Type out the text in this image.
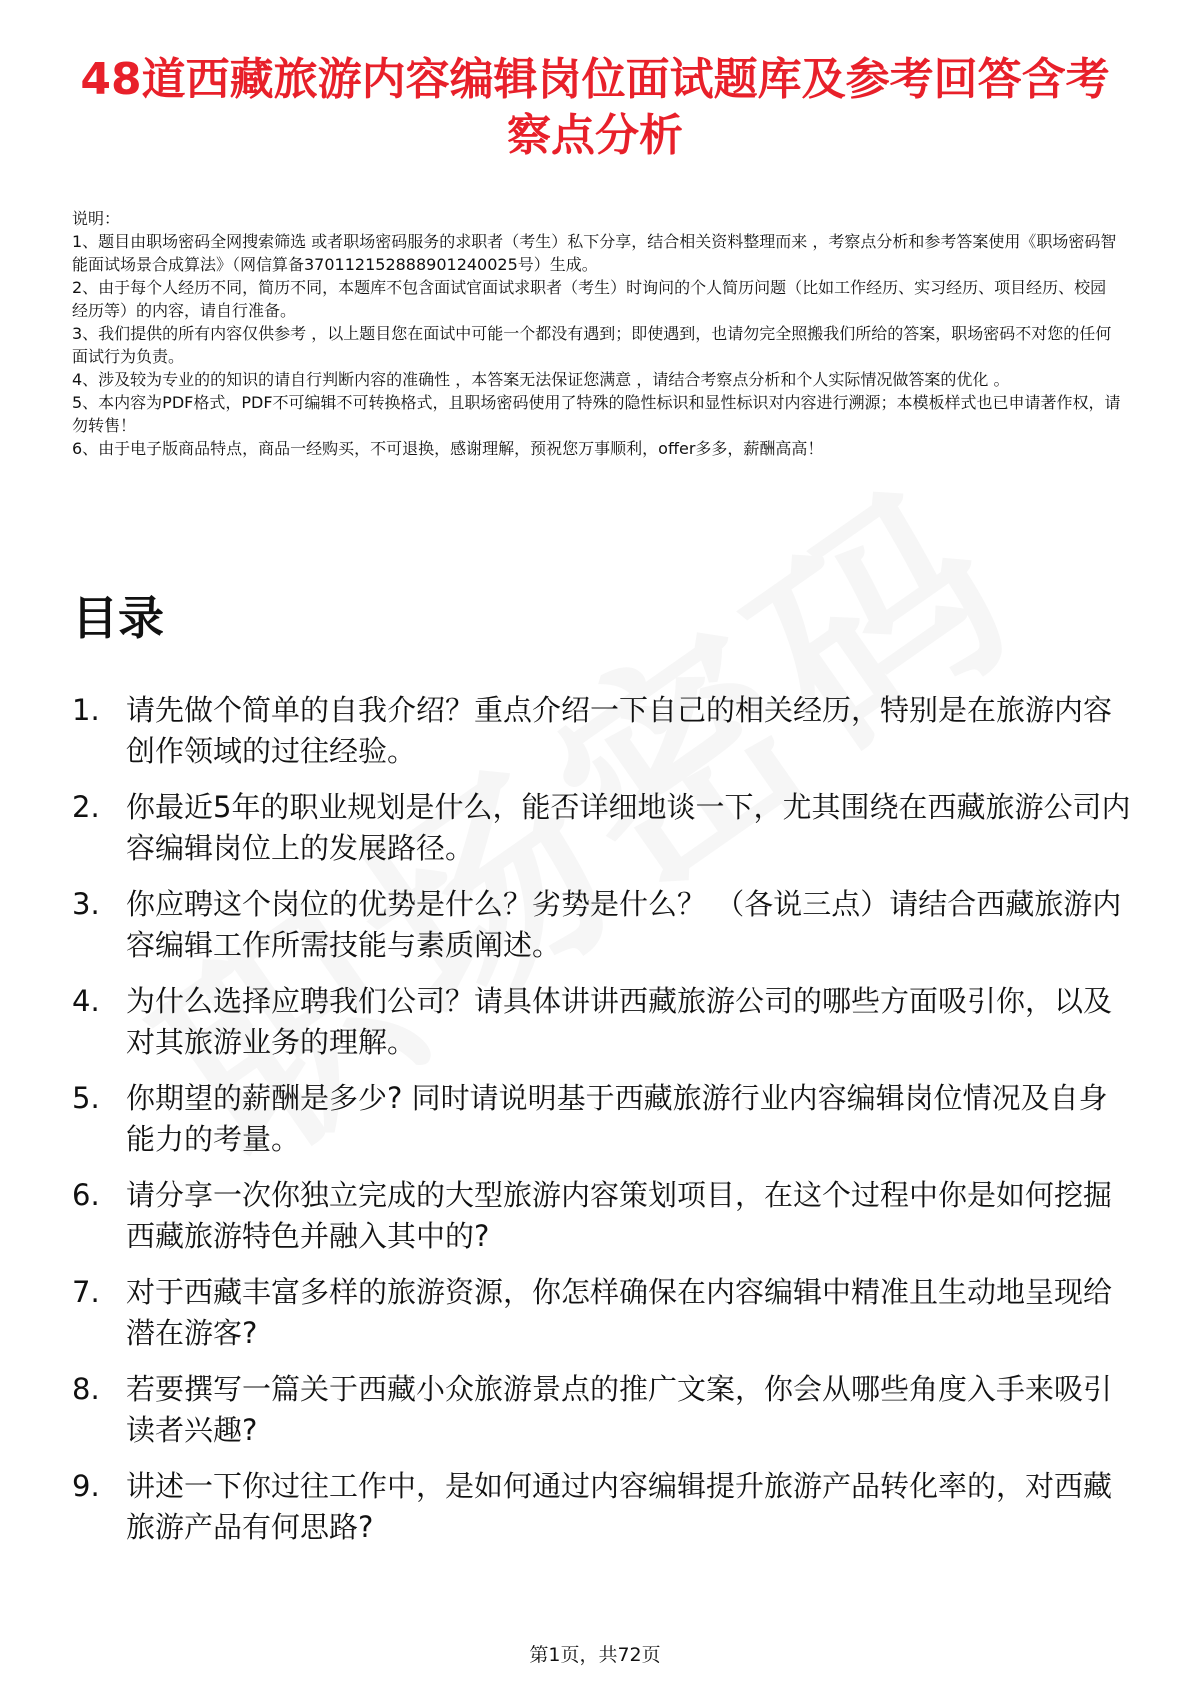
48道西藏旅游内容编辑岗位面试题库及参考回答含考察点分析

说明：

1、题目由职场密码全网搜索筛选 或者职场密码服务的求职者（考生）私下分享，结合相关资料整理而来 ，考察点分析和参考答案使用《职场密码智能面试场景合成算法》（网信算备370112152888901240025号）生成。

2、由于每个人经历不同，简历不同，本题库不包含面试官面试求职者（考生）时询问的个人简历问题（比如工作经历、实习经历、项目经历、校园经历等）的内容，请自行准备。

3、我们提供的所有内容仅供参考 ，以上题目您在面试中可能一个都没有遇到；即使遇到，也请勿完全照搬我们所给的答案，职场密码不对您的任何面试行为负责。

4、涉及较为专业的的知识的请自行判断内容的准确性 ，本答案无法保证您满意 ，请结合考察点分析和个人实际情况做答案的优化 。

5、本内容为PDF格式，PDF不可编辑不可转换格式，且职场密码使用了特殊的隐性标识和显性标识对内容进行溯源；本模板样式也已申请著作权，请勿转售！

6、由于电子版商品特点，商品一经购买，不可退换，感谢理解，预祝您万事顺利，offer多多，薪酬高高！

目录
1. 请先做个简单的自我介绍？重点介绍一下自己的相关经历，特别是在旅游内容创作领域的过往经验。
2. 你最近5年的职业规划是什么，能否详细地谈一下，尤其围绕在西藏旅游公司内容编辑岗位上的发展路径。
3. 你应聘这个岗位的优势是什么？劣势是什么？ （各说三点）请结合西藏旅游内容编辑工作所需技能与素质阐述。
4. 为什么选择应聘我们公司？请具体讲讲西藏旅游公司的哪些方面吸引你，以及对其旅游业务的理解。
5. 你期望的薪酬是多少? 同时请说明基于西藏旅游行业内容编辑岗位情况及自身能力的考量。
6. 请分享一次你独立完成的大型旅游内容策划项目，在这个过程中你是如何挖掘西藏旅游特色并融入其中的?
7. 对于西藏丰富多样的旅游资源，你怎样确保在内容编辑中精准且生动地呈现给潜在游客?
8. 若要撰写一篇关于西藏小众旅游景点的推广文案，你会从哪些角度入手来吸引读者兴趣?
9. 讲述一下你过往工作中，是如何通过内容编辑提升旅游产品转化率的，对西藏旅游产品有何思路?
第1页，共72页
